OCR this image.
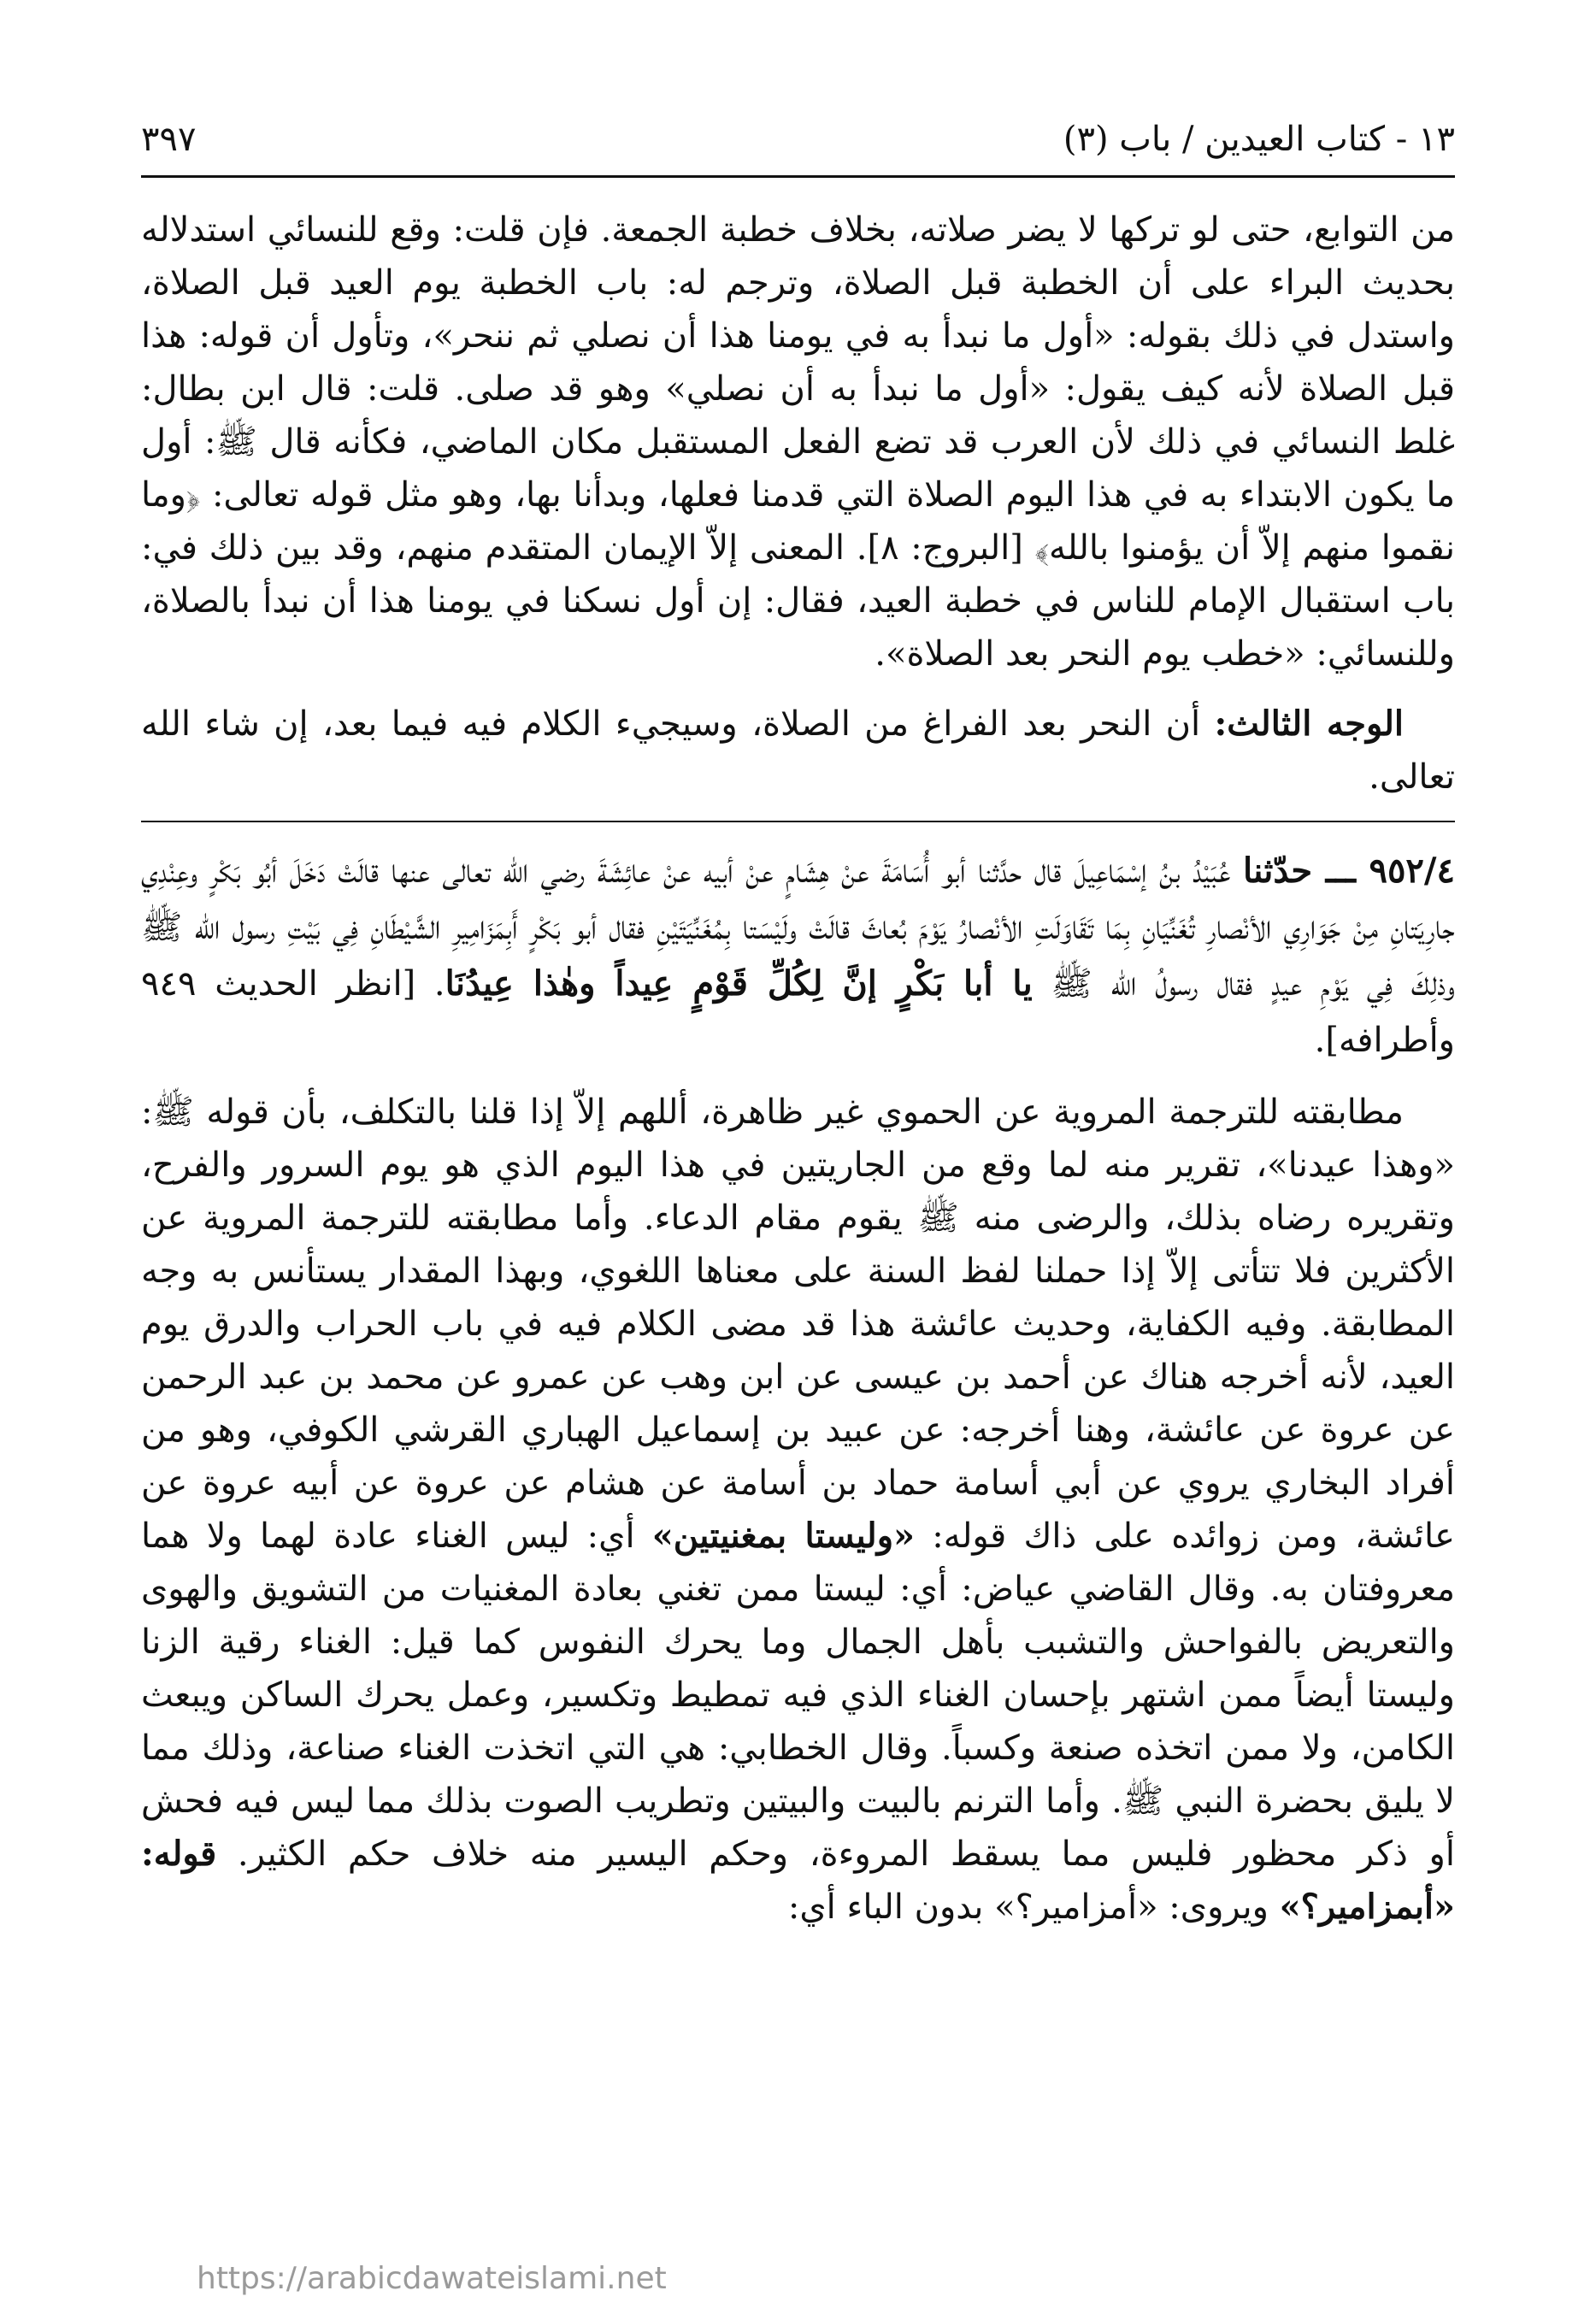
١٣ - كتاب العيدين / باب (٣)
٣٩٧

من التوابع، حتى لو تركها لا يضر صلاته، بخلاف خطبة الجمعة. فإن قلت: وقع للنسائي استدلاله بحديث البراء على أن الخطبة قبل الصلاة، وترجم له: باب الخطبة يوم العيد قبل الصلاة، واستدل في ذلك بقوله: «أول ما نبدأ به في يومنا هذا أن نصلي ثم ننحر»، وتأول أن قوله: هذا قبل الصلاة لأنه كيف يقول: «أول ما نبدأ به أن نصلي» وهو قد صلى. قلت: قال ابن بطال: غلط النسائي في ذلك لأن العرب قد تضع الفعل المستقبل مكان الماضي، فكأنه قال ﷺ: أول ما يكون الابتداء به في هذا اليوم الصلاة التي قدمنا فعلها، وبدأنا بها، وهو مثل قوله تعالى: ﴿وما نقموا منهم إلاّ أن يؤمنوا بالله﴾ [البروج: ٨]. المعنى إلاّ الإيمان المتقدم منهم، وقد بين ذلك في: باب استقبال الإمام للناس في خطبة العيد، فقال: إن أول نسكنا في يومنا هذا أن نبدأ بالصلاة، وللنسائي: «خطب يوم النحر بعد الصلاة».

الوجه الثالث: أن النحر بعد الفراغ من الصلاة، وسيجيء الكلام فيه فيما بعد، إن شاء الله تعالى.

٩٥٢/٤ ـــ حدّثنا عُبَيْدُ بنُ إسْمَاعِيلَ قال حدَّثنا أبو أُسَامَةَ عنْ هِشَامٍ عنْ أبيه عنْ عائِشَةَ رضي الله تعالى عنها قالَتْ دَخَلَ أبُو بَكْرٍ وعِنْدِي جارِيَتانِ مِنْ جَوَارِي الأنْصارِ تُغَنِّيَانِ بِمَا تَقَاوَلَتِ الأنْصارُ يَوْمَ بُعاثَ قالَتْ ولَيْسَتا بِمُغَنِّيَتَيْنِ فقال أبو بَكْرٍ أَبِمَزَامِيرِ الشَّيْطَانِ فِي بَيْتِ رسول الله ﷺ وذلِكَ فِي يَوْمِ عيدٍ فقال رسولُ الله ﷺ يا أبا بَكْرٍ إنَّ لِكُلِّ قَوْمٍ عِيداً وهٰذا عِيدُنَا. [انظر الحديث ٩٤٩ وأطرافه].

مطابقته للترجمة المروية عن الحموي غير ظاهرة، أللهم إلاّ إذا قلنا بالتكلف، بأن قوله ﷺ: «وهذا عيدنا»، تقرير منه لما وقع من الجاريتين في هذا اليوم الذي هو يوم السرور والفرح، وتقريره رضاه بذلك، والرضى منه ﷺ يقوم مقام الدعاء. وأما مطابقته للترجمة المروية عن الأكثرين فلا تتأتى إلاّ إذا حملنا لفظ السنة على معناها اللغوي، وبهذا المقدار يستأنس به وجه المطابقة. وفيه الكفاية، وحديث عائشة هذا قد مضى الكلام فيه في باب الحراب والدرق يوم العيد، لأنه أخرجه هناك عن أحمد بن عيسى عن ابن وهب عن عمرو عن محمد بن عبد الرحمن عن عروة عن عائشة، وهنا أخرجه: عن عبيد بن إسماعيل الهباري القرشي الكوفي، وهو من أفراد البخاري يروي عن أبي أسامة حماد بن أسامة عن هشام عن عروة عن أبيه عروة عن عائشة، ومن زوائده على ذاك قوله: «وليستا بمغنيتين» أي: ليس الغناء عادة لهما ولا هما معروفتان به. وقال القاضي عياض: أي: ليستا ممن تغني بعادة المغنيات من التشويق والهوى والتعريض بالفواحش والتشبب بأهل الجمال وما يحرك النفوس كما قيل: الغناء رقية الزنا وليستا أيضاً ممن اشتهر بإحسان الغناء الذي فيه تمطيط وتكسير، وعمل يحرك الساكن ويبعث الكامن، ولا ممن اتخذه صنعة وكسباً. وقال الخطابي: هي التي اتخذت الغناء صناعة، وذلك مما لا يليق بحضرة النبي ﷺ. وأما الترنم بالبيت والبيتين وتطريب الصوت بذلك مما ليس فيه فحش أو ذكر محظور فليس مما يسقط المروءة، وحكم اليسير منه خلاف حكم الكثير. قوله: «أبمزامير؟» ويروى: «أمزامير؟» بدون الباء أي:

https://arabicdawateislami.net
